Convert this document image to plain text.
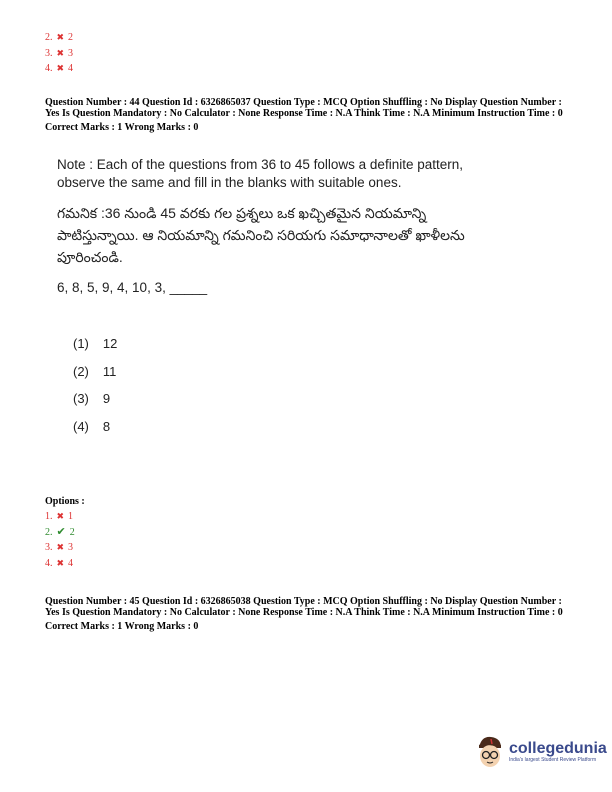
2. ✖ 2
3. ✖ 3
4. ✖ 4
Question Number : 44 Question Id : 6326865037 Question Type : MCQ Option Shuffling : No Display Question Number : Yes Is Question Mandatory : No Calculator : None Response Time : N.A Think Time : N.A Minimum Instruction Time : 0
Correct Marks : 1 Wrong Marks : 0
Note : Each of the questions from 36 to 45 follows a definite pattern, observe the same and fill in the blanks with suitable ones.
గమనిక :36 నుండి 45 వరకు గల ప్రశ్నలు ఒక ఖచ్చితమైన నియమాన్ని పాటిస్తున్నాయి. ఆ నియమాన్ని గమనించి సరియగు సమాధానాలతో ఖాళీలను పూరించండి.
6, 8, 5, 9, 4, 10, 3, _____
(1) 12
(2) 11
(3) 9
(4) 8
Options :
1. ✖ 1
2. ✔ 2
3. ✖ 3
4. ✖ 4
Question Number : 45 Question Id : 6326865038 Question Type : MCQ Option Shuffling : No Display Question Number : Yes Is Question Mandatory : No Calculator : None Response Time : N.A Think Time : N.A Minimum Instruction Time : 0
Correct Marks : 1 Wrong Marks : 0
collegedunia
India's largest Student Review Platform
